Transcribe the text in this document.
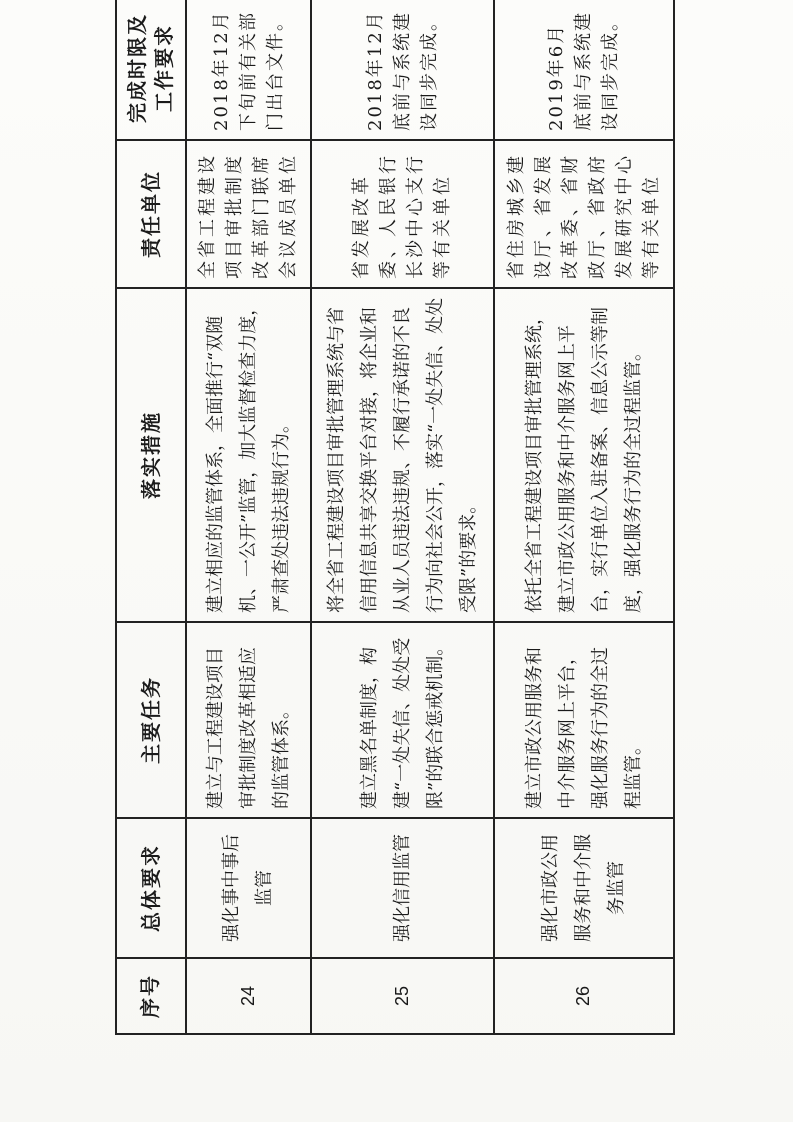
序号	总体要求	主要任务	落实措施	责任单位	完成时限及工作要求
24	强化事中事后监管	建立与工程建设项目审批制度改革相适应的监管体系。	建立相应的监管体系，全面推行“双随机、一公开”监管，加大监督检查力度，严肃查处违法违规行为。	全省工程建设项目审批制度改革部门联席会议成员单位	2018年12月下旬前有关部门出台文件。
25	强化信用监管	建立黑名单制度，构建“一处失信、处处受限”的联合惩戒机制。	将全省工程建设项目审批管理系统与省信用信息共享交换平台对接，将企业和从业人员违法违规、不履行承诺的不良行为向社会公开，落实“一处失信、处处受限”的要求。	省发展改革委、人民银行长沙中心支行等有关单位	2018年12月底前与系统建设同步完成。
26	强化市政公用服务和中介服务监管	建立市政公用服务和中介服务网上平台，强化服务行为的全过程监管。	依托全省工程建设项目审批管理系统，建立市政公用服务和中介服务网上平台，实行单位入驻备案、信息公示等制度，强化服务行为的全过程监管。	省住房城乡建设厅、省发展改革委、省财政厅、省政府发展研究中心等有关单位	2019年6月底前与系统建设同步完成。
